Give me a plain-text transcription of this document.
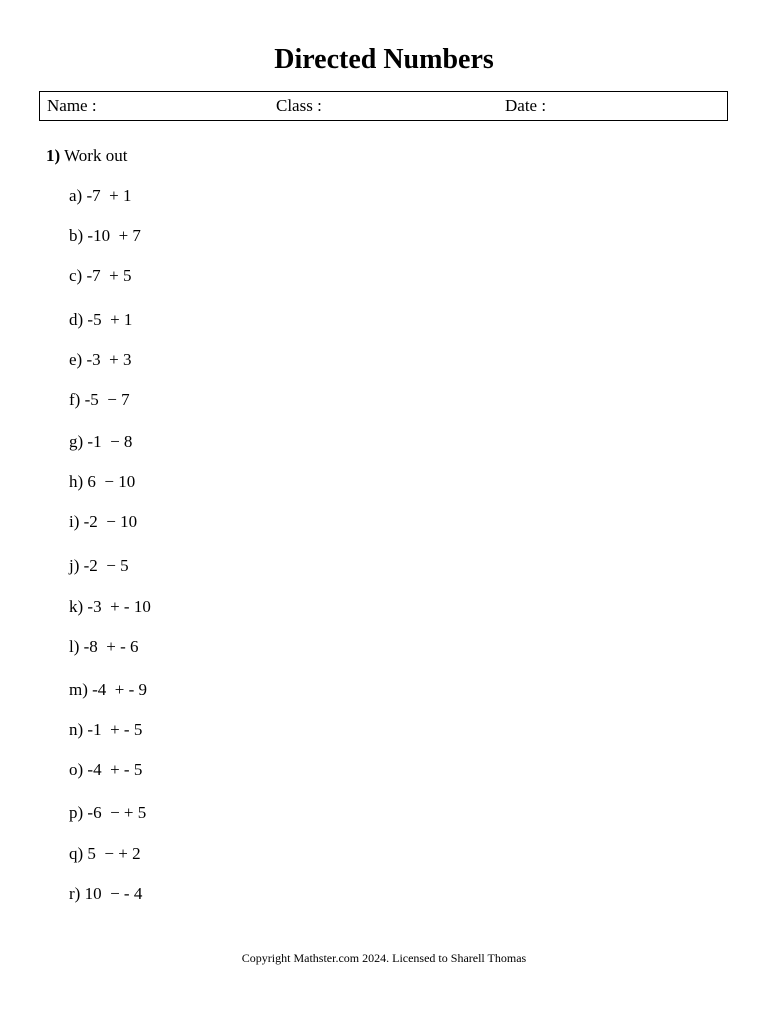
Directed Numbers
Name :	Class :	Date :
1) Work out
a) -7  + 1
b) -10  + 7
c) -7  + 5
d) -5  + 1
e) -3  + 3
f) -5  − 7
g) -1  − 8
h) 6  − 10
i) -2  − 10
j) -2  − 5
k) -3  + - 10
l) -8  + - 6
m) -4  + - 9
n) -1  + - 5
o) -4  + - 5
p) -6  − + 5
q) 5  − + 2
r) 10  − - 4
Copyright Mathster.com 2024. Licensed to Sharell Thomas
